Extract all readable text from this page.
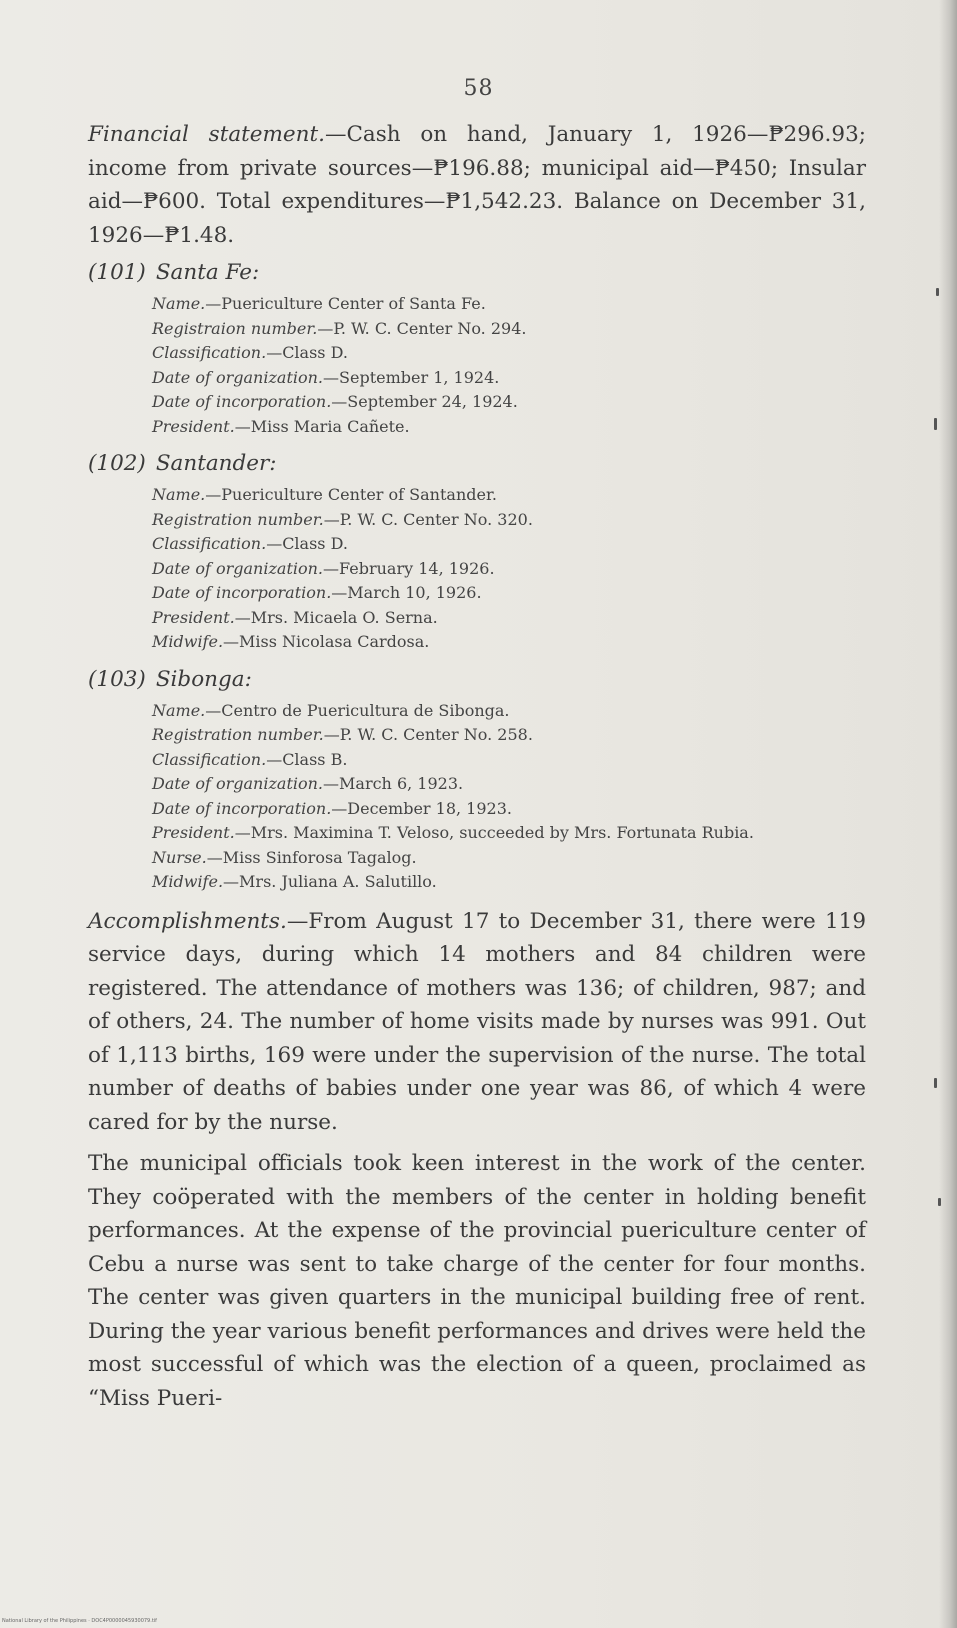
58

Financial statement.—Cash on hand, January 1, 1926—₱296.93; income from private sources—₱196.88; municipal aid—₱450; Insular aid—₱600. Total expenditures—₱1,542.23. Balance on December 31, 1926—₱1.48.

(101) Santa Fe:
Name.—Puericulture Center of Santa Fe.
Registraion number.—P. W. C. Center No. 294.
Classification.—Class D.
Date of organization.—September 1, 1924.
Date of incorporation.—September 24, 1924.
President.—Miss Maria Cañete.
(102) Santander:
Name.—Puericulture Center of Santander.
Registration number.—P. W. C. Center No. 320.
Classification.—Class D.
Date of organization.—February 14, 1926.
Date of incorporation.—March 10, 1926.
President.—Mrs. Micaela O. Serna.
Midwife.—Miss Nicolasa Cardosa.
(103) Sibonga:
Name.—Centro de Puericultura de Sibonga.
Registration number.—P. W. C. Center No. 258.
Classification.—Class B.
Date of organization.—March 6, 1923.
Date of incorporation.—December 18, 1923.
President.—Mrs. Maximina T. Veloso, succeeded by Mrs. Fortunata Rubia.
Nurse.—Miss Sinforosa Tagalog.
Midwife.—Mrs. Juliana A. Salutillo.

Accomplishments.—From August 17 to December 31, there were 119 service days, during which 14 mothers and 84 children were registered. The attendance of mothers was 136; of children, 987; and of others, 24. The number of home visits made by nurses was 991. Out of 1,113 births, 169 were under the supervision of the nurse. The total number of deaths of babies under one year was 86, of which 4 were cared for by the nurse.

The municipal officials took keen interest in the work of the center. They coöperated with the members of the center in holding benefit performances. At the expense of the provincial puericulture center of Cebu a nurse was sent to take charge of the center for four months. The center was given quarters in the municipal building free of rent. During the year various benefit performances and drives were held the most successful of which was the election of a queen, proclaimed as “Miss Pueri-

National Library of the Philippines · DOC4P0000045930079.tif
